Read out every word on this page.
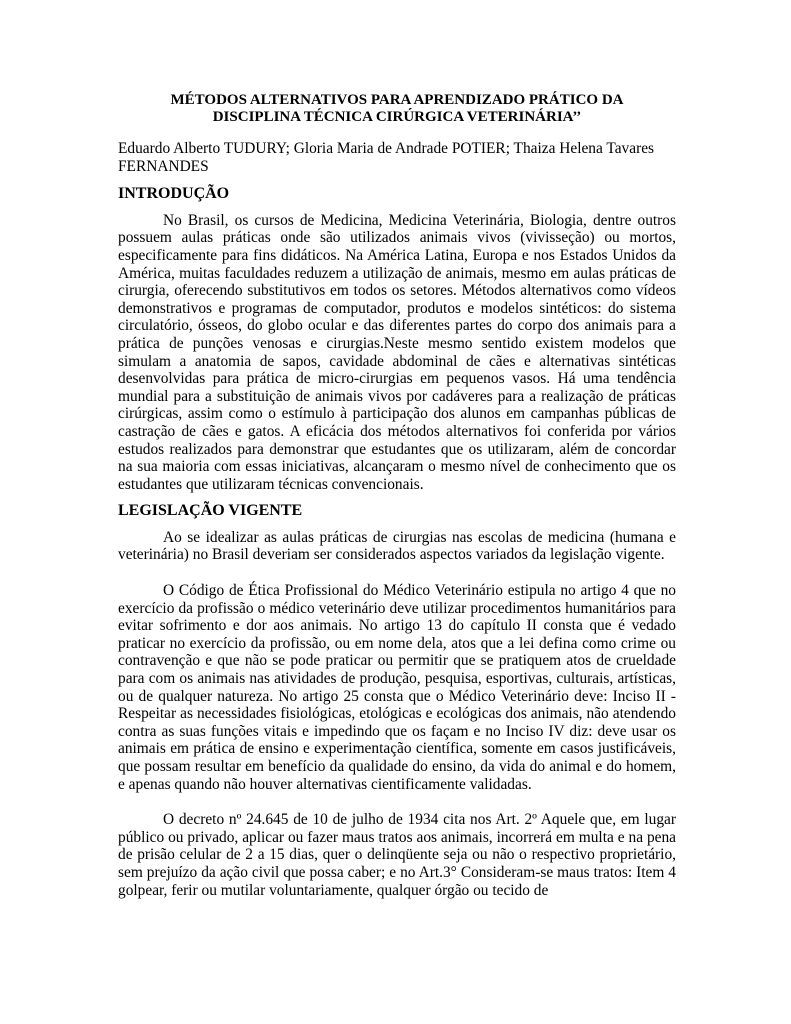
MÉTODOS ALTERNATIVOS PARA APRENDIZADO PRÁTICO DA
DISCIPLINA TÉCNICA CIRÚRGICA VETERINÁRIA’’
Eduardo Alberto TUDURY; Gloria Maria de Andrade POTIER; Thaiza Helena Tavares FERNANDES
INTRODUÇÃO

No Brasil, os cursos de Medicina, Medicina Veterinária, Biologia, dentre outros possuem aulas práticas onde são utilizados animais vivos (vivisseção) ou mortos, especificamente para fins didáticos. Na América Latina, Europa e nos Estados Unidos da América, muitas faculdades reduzem a utilização de animais, mesmo em aulas práticas de cirurgia, oferecendo substitutivos em todos os setores. Métodos alternativos como vídeos demonstrativos e programas de computador, produtos e modelos sintéticos: do sistema circulatório, ósseos, do globo ocular e das diferentes partes do corpo dos animais para a prática de punções venosas e cirurgias.Neste mesmo sentido existem modelos que simulam a anatomia de sapos, cavidade abdominal de cães e alternativas sintéticas desenvolvidas para prática de micro-cirurgias em pequenos vasos. Há uma tendência mundial para a substituição de animais vivos por cadáveres para a realização de práticas cirúrgicas, assim como o estímulo à participação dos alunos em campanhas públicas de castração de cães e gatos. A eficácia dos métodos alternativos foi conferida por vários estudos realizados para demonstrar que estudantes que os utilizaram, além de concordar na sua maioria com essas iniciativas, alcançaram o mesmo nível de conhecimento que os estudantes que utilizaram técnicas convencionais.

LEGISLAÇÃO VIGENTE

Ao se idealizar as aulas práticas de cirurgias nas escolas de medicina (humana e veterinária) no Brasil deveriam ser considerados aspectos variados da legislação vigente.

O Código de Ética Profissional do Médico Veterinário estipula no artigo 4 que no exercício da profissão o médico veterinário deve utilizar procedimentos humanitários para evitar sofrimento e dor aos animais. No artigo 13 do capítulo II consta que é vedado praticar no exercício da profissão, ou em nome dela, atos que a lei defina como crime ou contravenção e que não se pode praticar ou permitir que se pratiquem atos de crueldade para com os animais nas atividades de produção, pesquisa, esportivas, culturais, artísticas, ou de qualquer natureza. No artigo 25 consta que o Médico Veterinário deve: Inciso II - Respeitar as necessidades fisiológicas, etológicas e ecológicas dos animais, não atendendo contra as suas funções vitais e impedindo que os façam e no Inciso IV diz: deve usar os animais em prática de ensino e experimentação científica, somente em casos justificáveis, que possam resultar em benefício da qualidade do ensino, da vida do animal e do homem, e apenas quando não houver alternativas cientificamente validadas.

O decreto nº 24.645 de 10 de julho de 1934 cita nos Art. 2º Aquele que, em lugar público ou privado, aplicar ou fazer maus tratos aos animais, incorrerá em multa e na pena de prisão celular de 2 a 15 dias, quer o delinqüente seja ou não o respectivo proprietário, sem prejuízo da ação civil que possa caber; e no Art.3° Consideram-se maus tratos: Item 4 golpear, ferir ou mutilar voluntariamente, qualquer órgão ou tecido de
